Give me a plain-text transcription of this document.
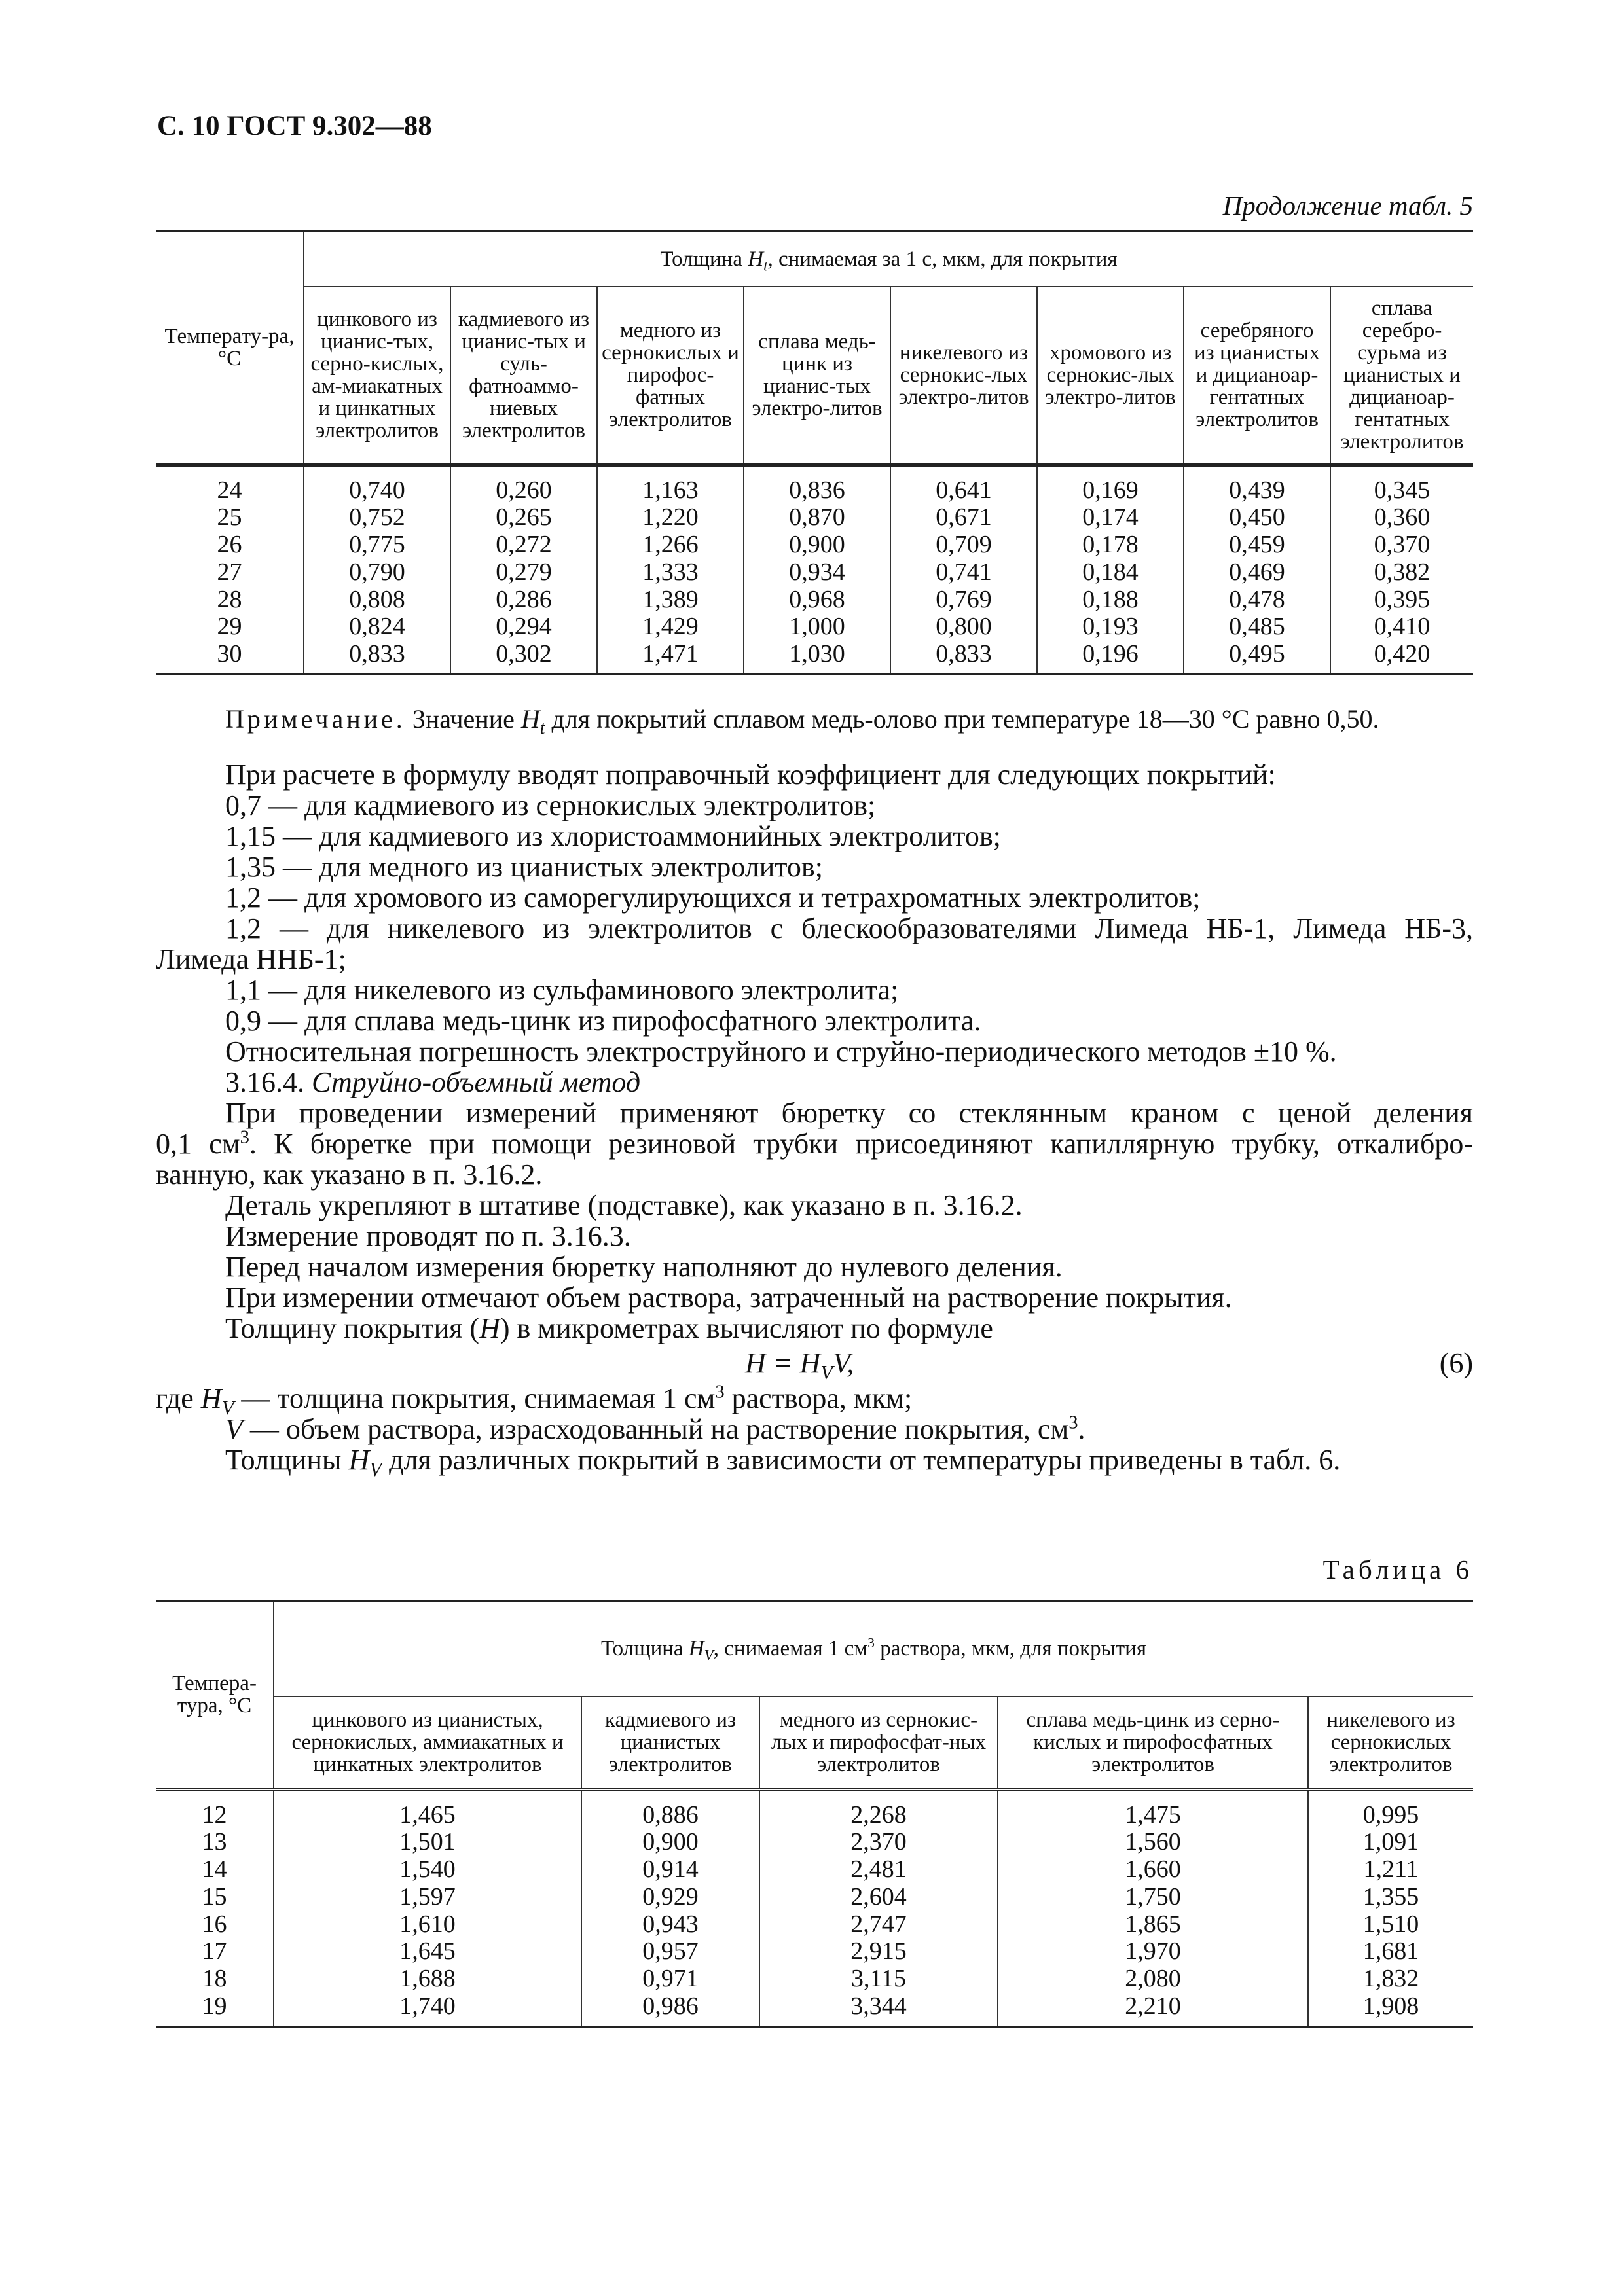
С. 10 ГОСТ 9.302—88
Продолжение табл. 5
Температу-ра, °С	Толщина $H_t$, снимаемая за 1 с, мкм, для покрытия							
	цинкового из цианис-тых, серно-кислых, ам-миакатных и цинкатных электролитов	кадмиевого из цианис-тых и суль-фатноаммо-ниевых электролитов	медного из сернокислых и пирофос-фатных электролитов	сплава медь-цинк из цианис-тых электро-литов	никелевого из сернокис-лых электро-литов	хромового из сернокис-лых электро-литов	серебряного из цианистых и дицианоар-гентатных электролитов	сплава серебро-сурьма из цианистых и дицианоар-гентатных электролитов
24	0,740	0,260	1,163	0,836	0,641	0,169	0,439	0,345
25	0,752	0,265	1,220	0,870	0,671	0,174	0,450	0,360
26	0,775	0,272	1,266	0,900	0,709	0,178	0,459	0,370
27	0,790	0,279	1,333	0,934	0,741	0,184	0,469	0,382
28	0,808	0,286	1,389	0,968	0,769	0,188	0,478	0,395
29	0,824	0,294	1,429	1,000	0,800	0,193	0,485	0,410
30	0,833	0,302	1,471	1,030	0,833	0,196	0,495	0,420
Примечание. Значение $H_t$ для покрытий сплавом медь-олово при температуре 18—30 °С равно 0,50.

При расчете в формулу вводят поправочный коэффициент для следующих покрытий:

0,7 — для кадмиевого из сернокислых электролитов;

1,15 — для кадмиевого из хлористоаммонийных электролитов;

1,35 — для медного из цианистых электролитов;

1,2 — для хромового из саморегулирующихся и тетрахроматных электролитов;

1,2 — для никелевого из электролитов с блескообразователями Лимеда НБ-1, Лимеда НБ-3,

Лимеда ННБ-1;

1,1 — для никелевого из сульфаминового электролита;

0,9 — для сплава медь-цинк из пирофосфатного электролита.

Относительная погрешность электроструйного и струйно-периодического методов ±10 %.

3.16.4. Струйно-объемный метод

При проведении измерений применяют бюретку со стеклянным краном с ценой деления

0,1 $см^3$. К бюретке при помощи резиновой трубки присоединяют капиллярную трубку, откалибро-

ванную, как указано в п. 3.16.2.

Деталь укрепляют в штативе (подставке), как указано в п. 3.16.2.

Измерение проводят по п. 3.16.3.

Перед началом измерения бюретку наполняют до нулевого деления.

При измерении отмечают объем раствора, затраченный на растворение покрытия.

Толщину покрытия (H) в микрометрах вычисляют по формуле

$H = H_VV$,	(6)

где $H_V$ — толщина покрытия, снимаемая 1 $см^3$ раствора, мкм;

V — объем раствора, израсходованный на растворение покрытия, $см^3$.

Толщины $H_V$ для различных покрытий в зависимости от температуры приведены в табл. 6.

Таблица 6
Темпера-тура, °С	Толщина $H_V$, снимаемая 1 $см^3$ раствора, мкм, для покрытия				
	цинкового из цианистых, сернокислых, аммиакатных и цинкатных электролитов	кадмиевого из цианистых электролитов	медного из сернокис-лых и пирофосфат-ных электролитов	сплава медь-цинк из серно-кислых и пирофосфатных электролитов	никелевого из сернокислых электролитов
12	1,465	0,886	2,268	1,475	0,995
13	1,501	0,900	2,370	1,560	1,091
14	1,540	0,914	2,481	1,660	1,211
15	1,597	0,929	2,604	1,750	1,355
16	1,610	0,943	2,747	1,865	1,510
17	1,645	0,957	2,915	1,970	1,681
18	1,688	0,971	3,115	2,080	1,832
19	1,740	0,986	3,344	2,210	1,908
